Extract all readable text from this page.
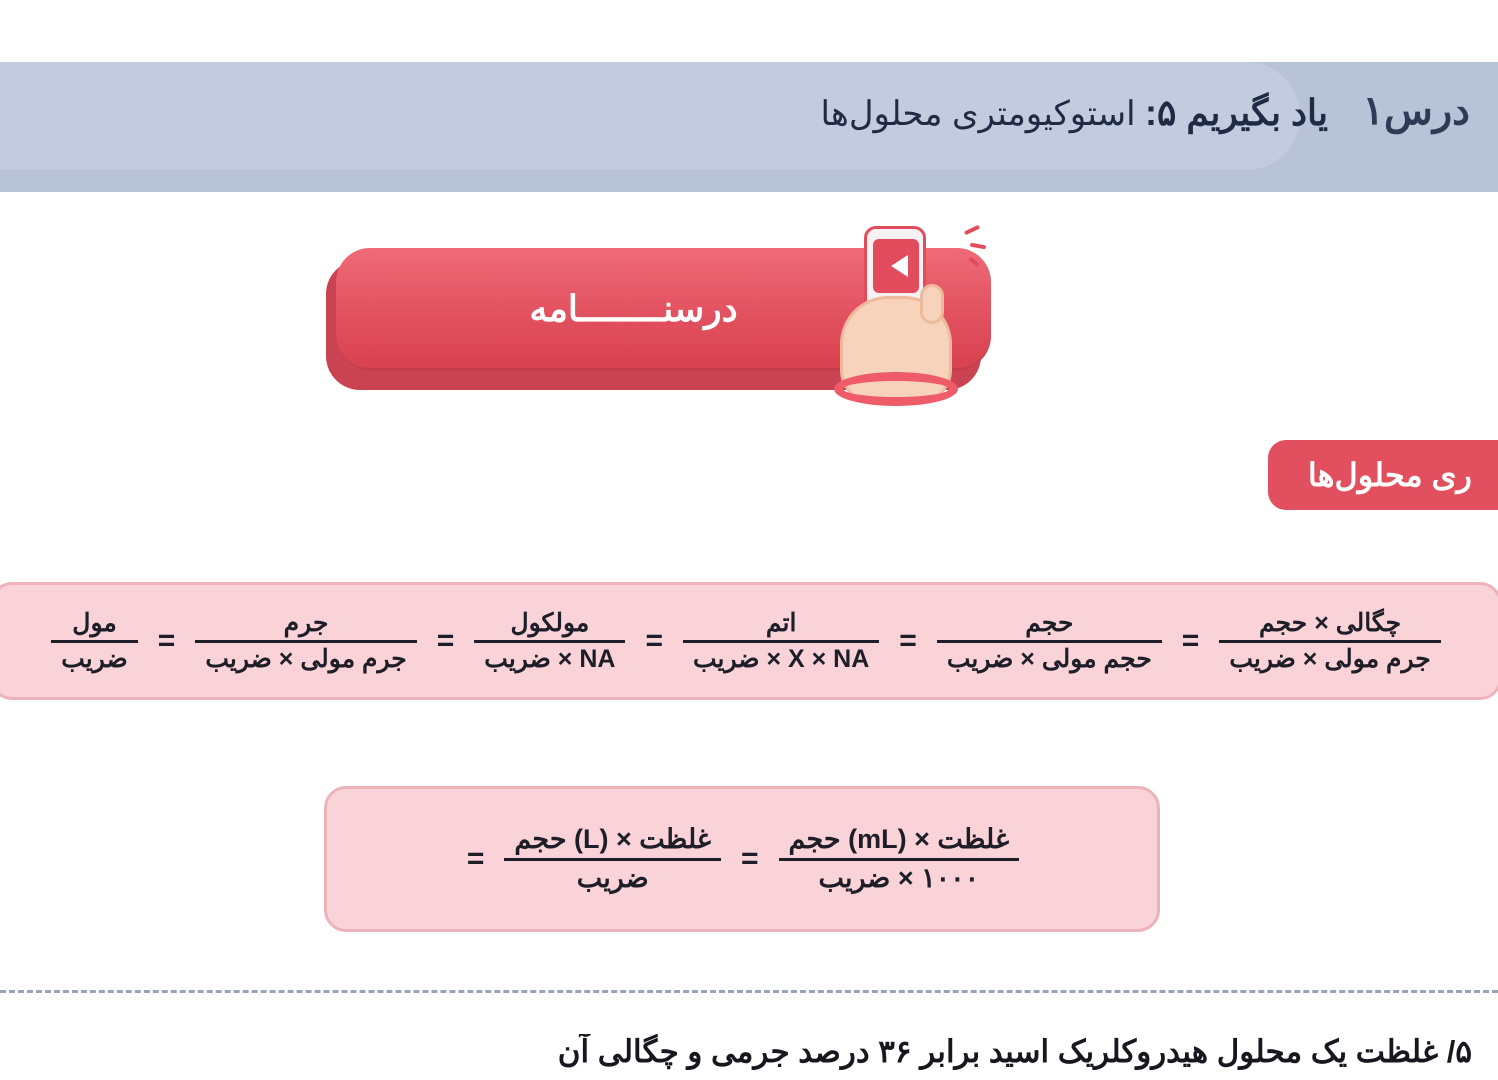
درس۱
یاد بگیریم ۵: استوکیومتری محلول‌ها
درسنــــــــامه
ری محلول‌ها
$\frac{\text{چگالی × حجم}}{\text{جرم مولی × ضریب}}$
=
$\frac{\text{حجم}}{\text{حجم مولی × ضریب}}$
=
$\frac{\text{اتم}}{\text{X × NA × ضریب}}$
=
$\frac{\text{مولکول}}{\text{NA × ضریب}}$
=
$\frac{\text{جرم}}{\text{جرم مولی × ضریب}}$
=
$\frac{\text{مول}}{\text{ضریب}}$
$\frac{\text{غلظت × (mL) حجم}}{\text{۱۰۰۰ × ضریب}}$
=
$\frac{\text{غلظت × (L) حجم}}{\text{ضریب}}$
=
۵/ غلظت یک محلول هیدروکلریک اسید برابر ۳۶ درصد جرمی و چگالی آن
